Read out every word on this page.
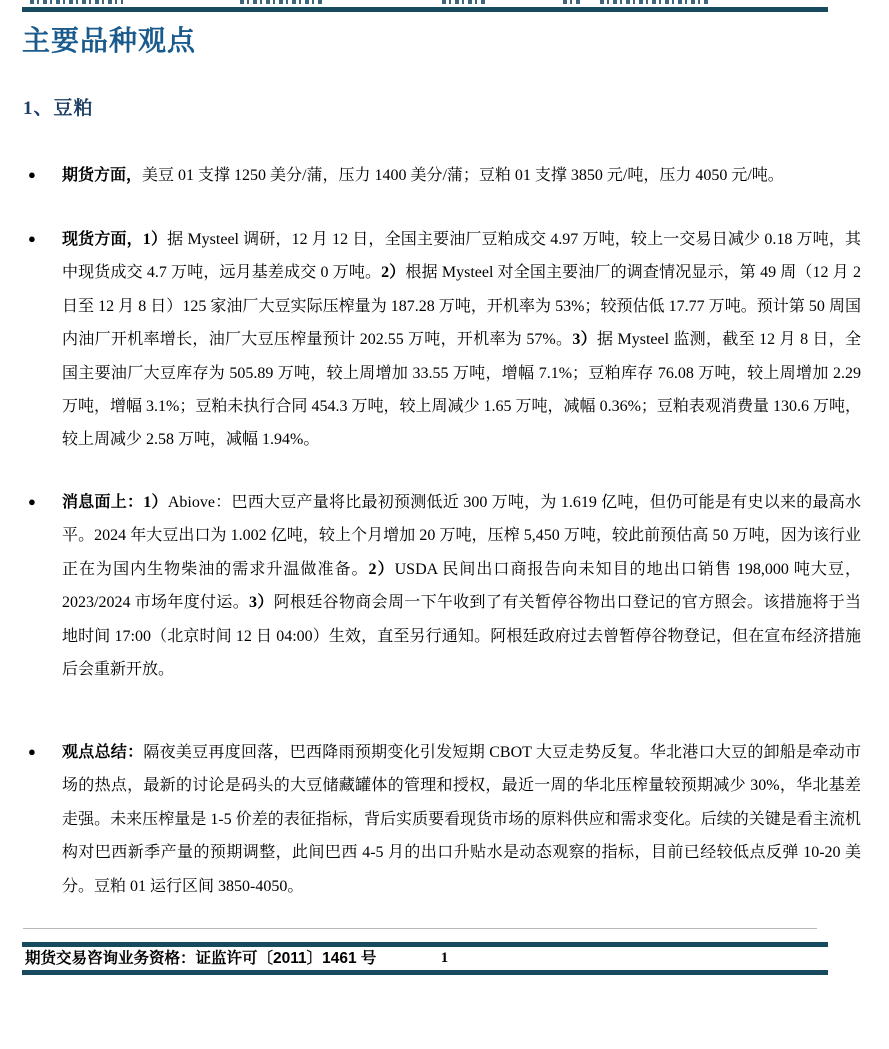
主要品种观点
1、豆粕
● 期货方面，美豆 01 支撑 1250 美分/蒲，压力 1400 美分/蒲；豆粕 01 支撑 3850 元/吨，压力 4050 元/吨。
● 现货方面，1）据 Mysteel 调研，12 月 12 日，全国主要油厂豆粕成交 4.97 万吨，较上一交易日减少 0.18 万吨，其中现货成交 4.7 万吨，远月基差成交 0 万吨。2）根据 Mysteel 对全国主要油厂的调查情况显示，第 49 周（12 月 2 日至 12 月 8 日）125 家油厂大豆实际压榨量为 187.28 万吨，开机率为 53%；较预估低 17.77 万吨。预计第 50 周国内油厂开机率增长，油厂大豆压榨量预计 202.55 万吨，开机率为 57%。3）据 Mysteel 监测，截至 12 月 8 日，全国主要油厂大豆库存为 505.89 万吨，较上周增加 33.55 万吨，增幅 7.1%；豆粕库存 76.08 万吨，较上周增加 2.29 万吨，增幅 3.1%；豆粕未执行合同 454.3 万吨，较上周减少 1.65 万吨，减幅 0.36%；豆粕表观消费量 130.6 万吨，较上周减少 2.58 万吨，减幅 1.94%。
● 消息面上：1）Abiove：巴西大豆产量将比最初预测低近 300 万吨，为 1.619 亿吨，但仍可能是有史以来的最高水平。2024 年大豆出口为 1.002 亿吨，较上个月增加 20 万吨，压榨 5,450 万吨，较此前预估高 50 万吨，因为该行业正在为国内生物柴油的需求升温做准备。2）USDA 民间出口商报告向未知目的地出口销售 198,000 吨大豆，2023/2024 市场年度付运。3）阿根廷谷物商会周一下午收到了有关暂停谷物出口登记的官方照会。该措施将于当地时间 17:00（北京时间 12 日 04:00）生效，直至另行通知。阿根廷政府过去曾暂停谷物登记，但在宣布经济措施后会重新开放。
● 观点总结：隔夜美豆再度回落，巴西降雨预期变化引发短期 CBOT 大豆走势反复。华北港口大豆的卸船是牵动市场的热点，最新的讨论是码头的大豆储藏罐体的管理和授权，最近一周的华北压榨量较预期减少 30%，华北基差走强。未来压榨量是 1-5 价差的表征指标，背后实质要看现货市场的原料供应和需求变化。后续的关键是看主流机构对巴西新季产量的预期调整，此间巴西 4-5 月的出口升贴水是动态观察的指标，目前已经较低点反弹 10-20 美分。豆粕 01 运行区间 3850-4050。
期货交易咨询业务资格：证监许可〔2011〕1461 号	1
